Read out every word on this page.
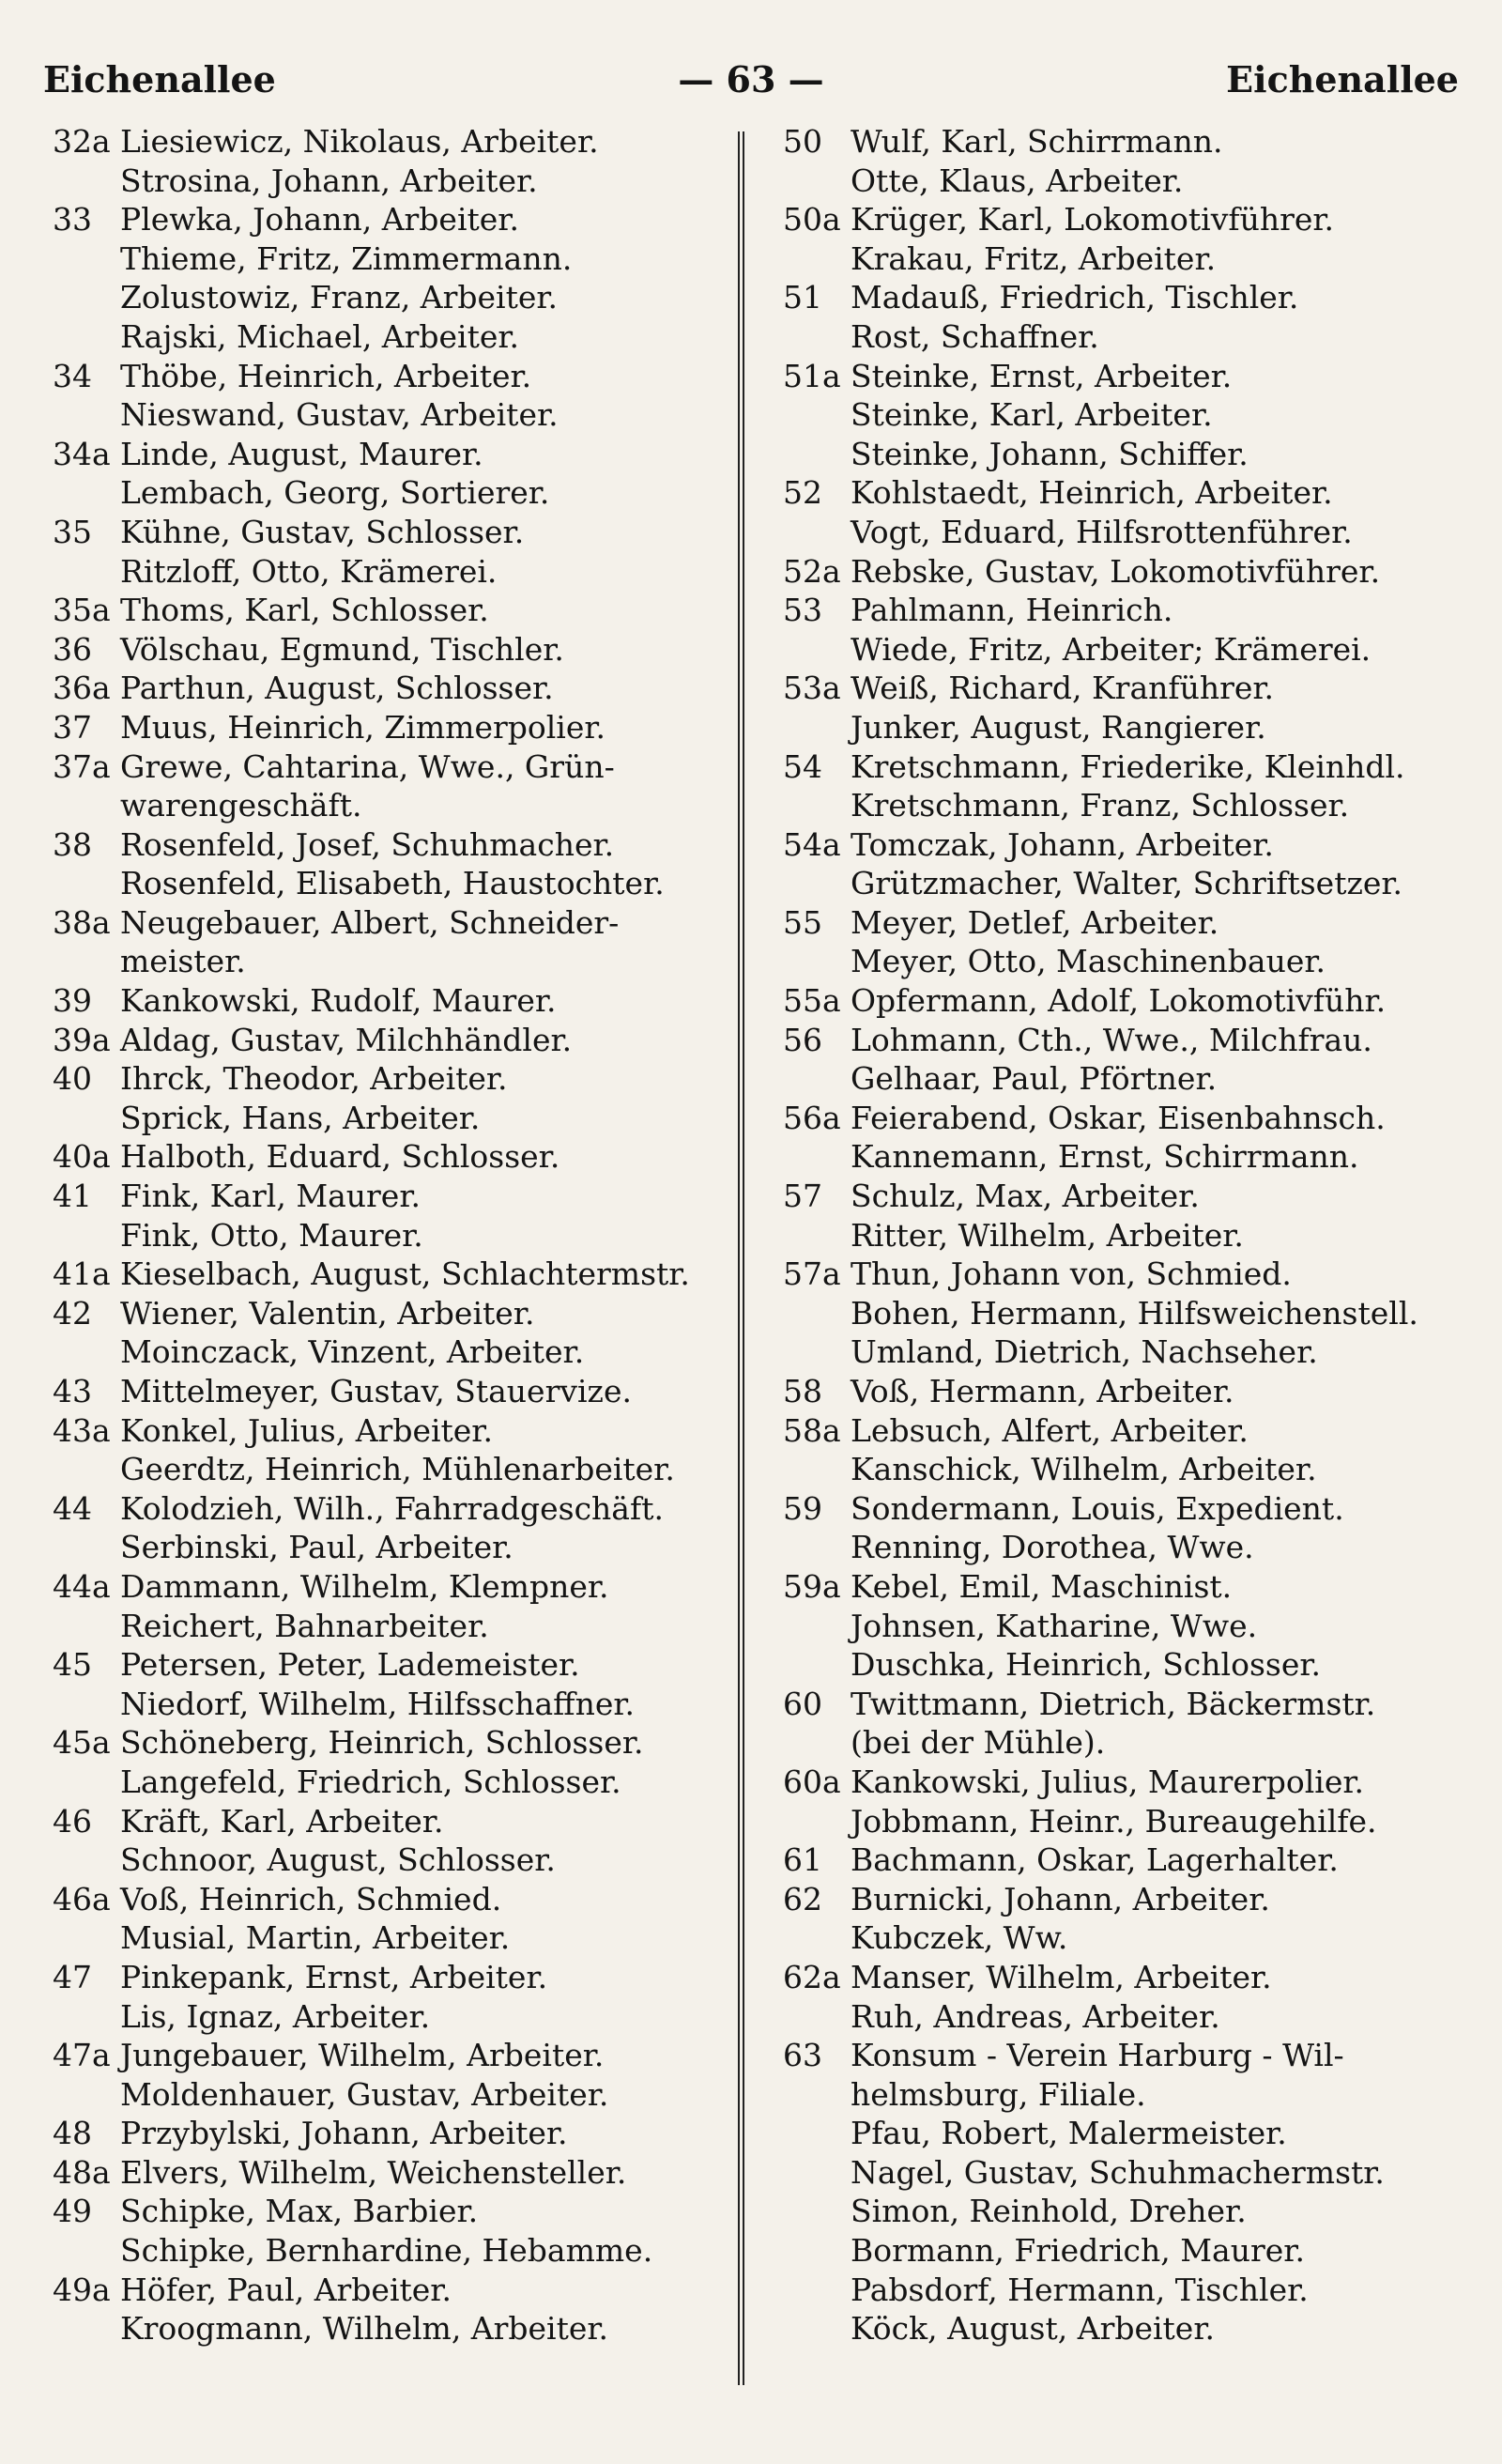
Eichenallee	— 63 —	Eichenallee
32a Liesiewicz, Nikolaus, Arbeiter.
Strosina, Johann, Arbeiter.
33 Plewka, Johann, Arbeiter.
Thieme, Fritz, Zimmermann.
Zolustowiz, Franz, Arbeiter.
Rajski, Michael, Arbeiter.
34 Thöbe, Heinrich, Arbeiter.
Nieswand, Gustav, Arbeiter.
34a Linde, August, Maurer.
Lembach, Georg, Sortierer.
35 Kühne, Gustav, Schlosser.
Ritzloff, Otto, Krämerei.
35a Thoms, Karl, Schlosser.
36 Völschau, Egmund, Tischler.
36a Parthun, August, Schlosser.
37 Muus, Heinrich, Zimmerpolier.
37a Grewe, Cahtarina, Wwe., Grün-
warengeschäft.
38 Rosenfeld, Josef, Schuhmacher.
Rosenfeld, Elisabeth, Haustochter.
38a Neugebauer, Albert, Schneider-
meister.
39 Kankowski, Rudolf, Maurer.
39a Aldag, Gustav, Milchhändler.
40 Ihrck, Theodor, Arbeiter.
Sprick, Hans, Arbeiter.
40a Halboth, Eduard, Schlosser.
41 Fink, Karl, Maurer.
Fink, Otto, Maurer.
41a Kieselbach, August, Schlachtermstr.
42 Wiener, Valentin, Arbeiter.
Moinczack, Vinzent, Arbeiter.
43 Mittelmeyer, Gustav, Stauervize.
43a Konkel, Julius, Arbeiter.
Geerdtz, Heinrich, Mühlenarbeiter.
44 Kolodzieh, Wilh., Fahrradgeschäft.
Serbinski, Paul, Arbeiter.
44a Dammann, Wilhelm, Klempner.
Reichert, Bahnarbeiter.
45 Petersen, Peter, Lademeister.
Niedorf, Wilhelm, Hilfsschaffner.
45a Schöneberg, Heinrich, Schlosser.
Langefeld, Friedrich, Schlosser.
46 Kräft, Karl, Arbeiter.
Schnoor, August, Schlosser.
46a Voß, Heinrich, Schmied.
Musial, Martin, Arbeiter.
47 Pinkepank, Ernst, Arbeiter.
Lis, Ignaz, Arbeiter.
47a Jungebauer, Wilhelm, Arbeiter.
Moldenhauer, Gustav, Arbeiter.
48 Przybylski, Johann, Arbeiter.
48a Elvers, Wilhelm, Weichensteller.
49 Schipke, Max, Barbier.
Schipke, Bernhardine, Hebamme.
49a Höfer, Paul, Arbeiter.
Kroogmann, Wilhelm, Arbeiter.
50 Wulf, Karl, Schirrmann.
Otte, Klaus, Arbeiter.
50a Krüger, Karl, Lokomotivführer.
Krakau, Fritz, Arbeiter.
51 Madauß, Friedrich, Tischler.
Rost, Schaffner.
51a Steinke, Ernst, Arbeiter.
Steinke, Karl, Arbeiter.
Steinke, Johann, Schiffer.
52 Kohlstaedt, Heinrich, Arbeiter.
Vogt, Eduard, Hilfsrottenführer.
52a Rebske, Gustav, Lokomotivführer.
53 Pahlmann, Heinrich.
Wiede, Fritz, Arbeiter; Krämerei.
53a Weiß, Richard, Kranführer.
Junker, August, Rangierer.
54 Kretschmann, Friederike, Kleinhdl.
Kretschmann, Franz, Schlosser.
54a Tomczak, Johann, Arbeiter.
Grützmacher, Walter, Schriftsetzer.
55 Meyer, Detlef, Arbeiter.
Meyer, Otto, Maschinenbauer.
55a Opfermann, Adolf, Lokomotivführ.
56 Lohmann, Cth., Wwe., Milchfrau.
Gelhaar, Paul, Pförtner.
56a Feierabend, Oskar, Eisenbahnsch.
Kannemann, Ernst, Schirrmann.
57 Schulz, Max, Arbeiter.
Ritter, Wilhelm, Arbeiter.
57a Thun, Johann von, Schmied.
Bohen, Hermann, Hilfsweichenstell.
Umland, Dietrich, Nachseher.
58 Voß, Hermann, Arbeiter.
58a Lebsuch, Alfert, Arbeiter.
Kanschick, Wilhelm, Arbeiter.
59 Sondermann, Louis, Expedient.
Renning, Dorothea, Wwe.
59a Kebel, Emil, Maschinist.
Johnsen, Katharine, Wwe.
Duschka, Heinrich, Schlosser.
60 Twittmann, Dietrich, Bäckermstr.
(bei der Mühle).
60a Kankowski, Julius, Maurerpolier.
Jobbmann, Heinr., Bureaugehilfe.
61 Bachmann, Oskar, Lagerhalter.
62 Burnicki, Johann, Arbeiter.
Kubczek, Ww.
62a Manser, Wilhelm, Arbeiter.
Ruh, Andreas, Arbeiter.
63 Konsum - Verein Harburg - Wil-
helmsburg, Filiale.
Pfau, Robert, Malermeister.
Nagel, Gustav, Schuhmachermstr.
Simon, Reinhold, Dreher.
Bormann, Friedrich, Maurer.
Pabsdorf, Hermann, Tischler.
Köck, August, Arbeiter.
